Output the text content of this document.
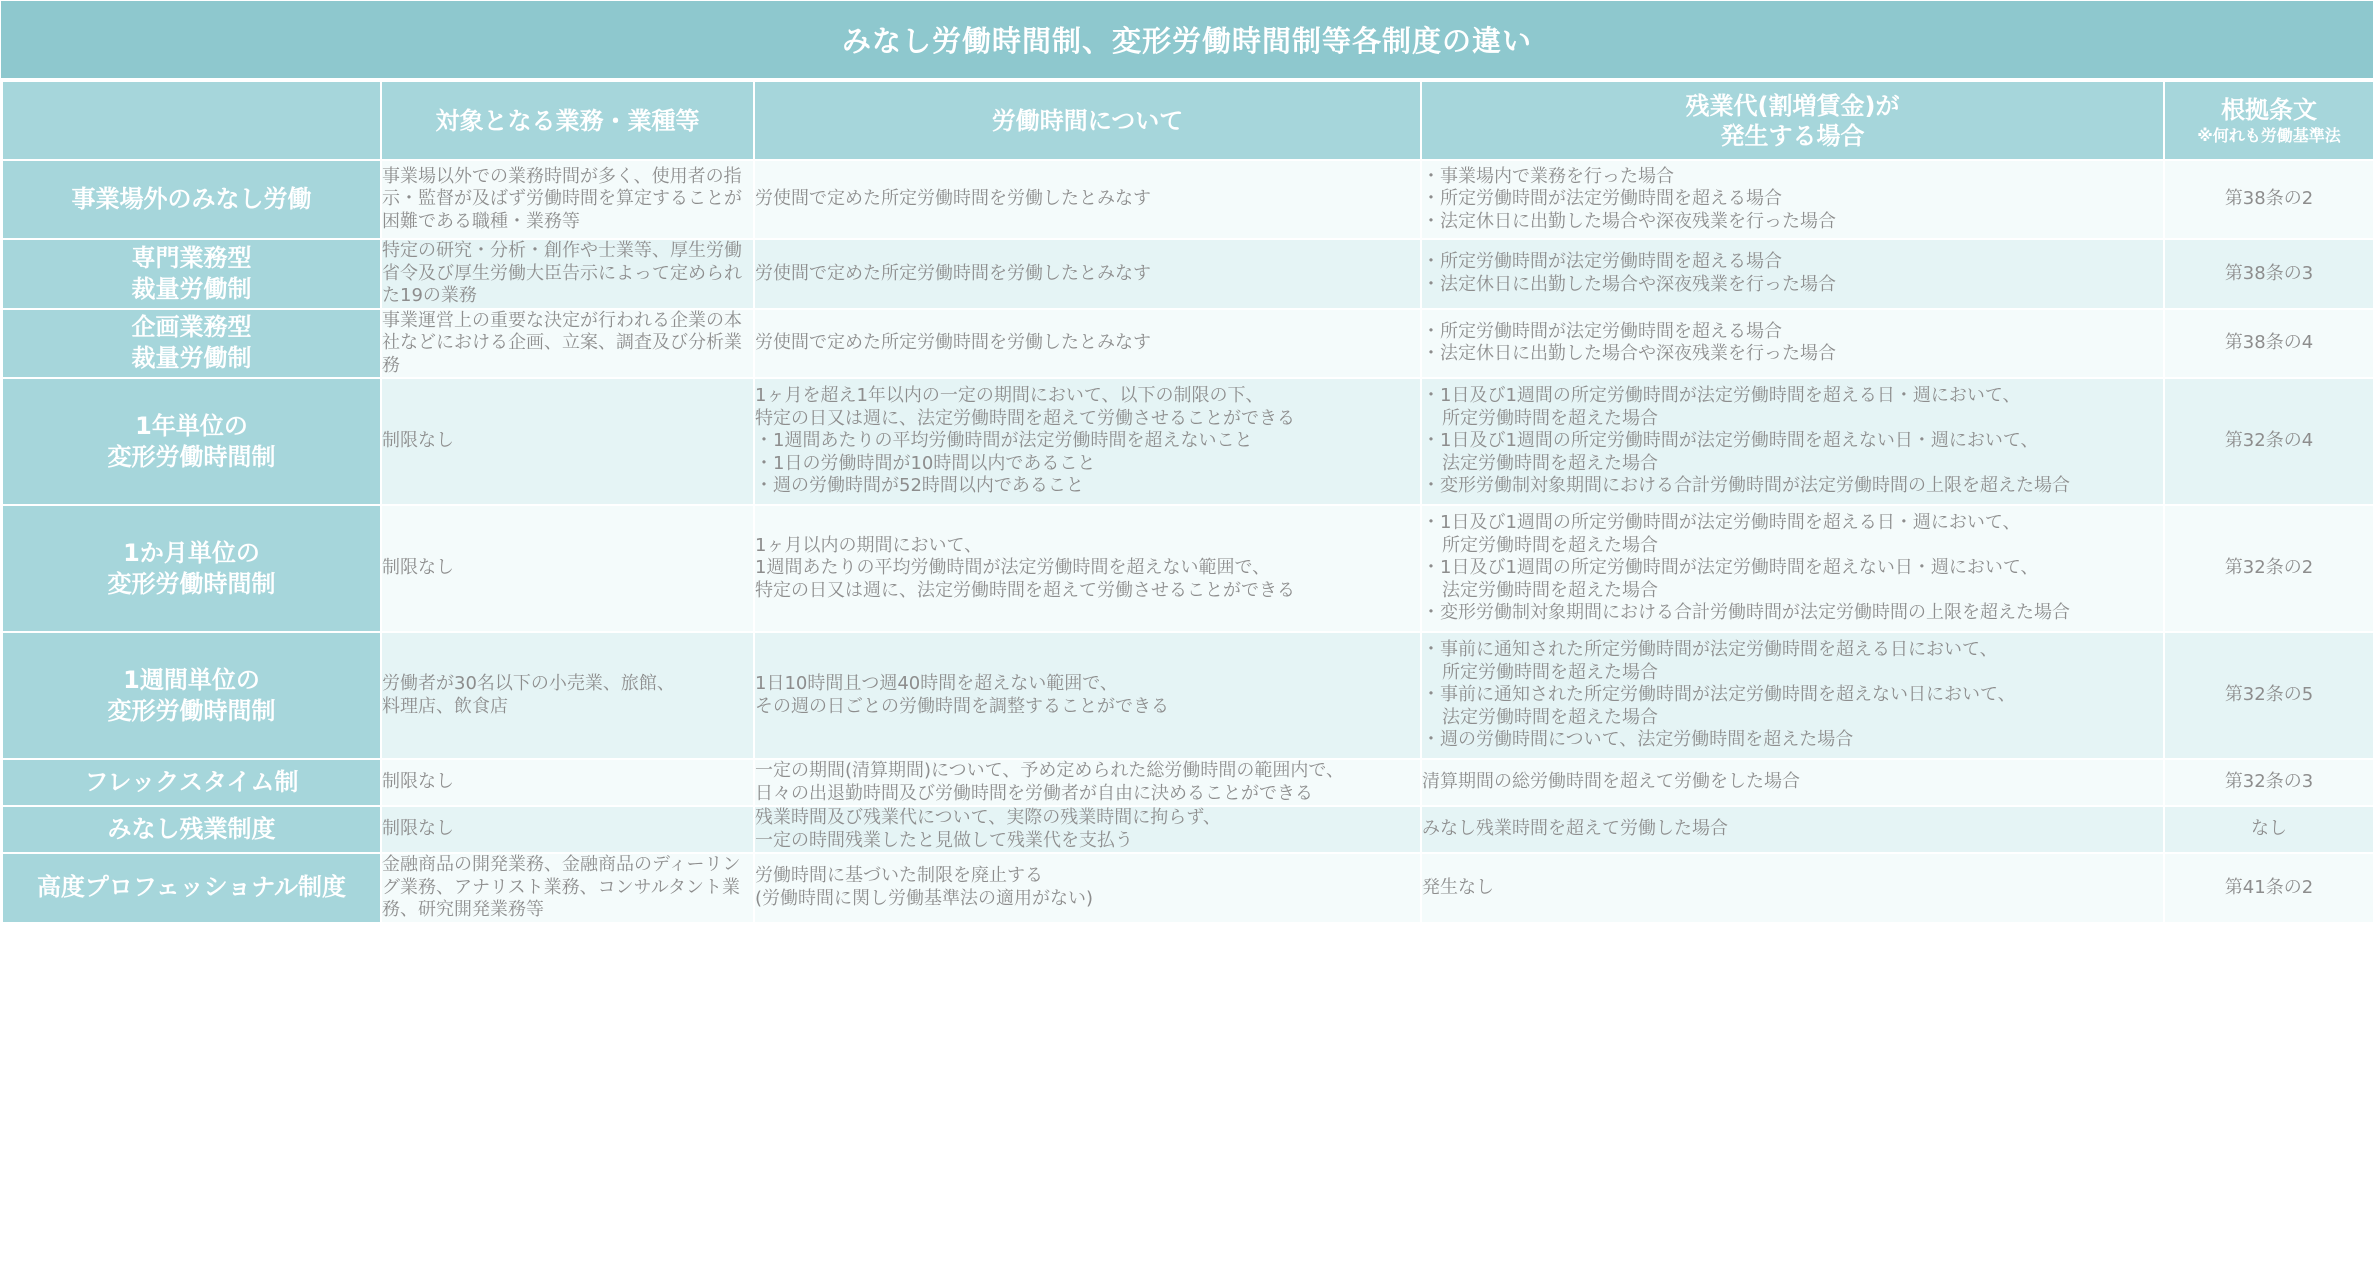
みなし労働時間制、変形労働時間制等各制度の違い
	対象となる業務・業種等	労働時間について	残業代(割増賃金)が
発生する場合	根拠条文
※何れも労働基準法

事業場外のみなし労働	事業場以外での業務時間が多く、使用者の指示・監督が及ばず労働時間を算定することが困難である職種・業務等	労使間で定めた所定労働時間を労働したとみなす	・事業場内で業務を行った場合
・所定労働時間が法定労働時間を超える場合
・法定休日に出勤した場合や深夜残業を行った場合	第38条の2

専門業務型
裁量労働制	特定の研究・分析・創作や士業等、厚生労働省令及び厚生労働大臣告示によって定められた19の業務	労使間で定めた所定労働時間を労働したとみなす	・所定労働時間が法定労働時間を超える場合
・法定休日に出勤した場合や深夜残業を行った場合	第38条の3

企画業務型
裁量労働制	事業運営上の重要な決定が行われる企業の本社などにおける企画、立案、調査及び分析業務	労使間で定めた所定労働時間を労働したとみなす	・所定労働時間が法定労働時間を超える場合
・法定休日に出勤した場合や深夜残業を行った場合	第38条の4

1年単位の
変形労働時間制	制限なし	1ヶ月を超え1年以内の一定の期間において、以下の制限の下、
特定の日又は週に、法定労働時間を超えて労働させることができる
・1週間あたりの平均労働時間が法定労働時間を超えないこと
・1日の労働時間が10時間以内であること
・週の労働時間が52時間以内であること	・1日及び1週間の所定労働時間が法定労働時間を超える日・週において、
所定労働時間を超えた場合
・1日及び1週間の所定労働時間が法定労働時間を超えない日・週において、
法定労働時間を超えた場合
・変形労働制対象期間における合計労働時間が法定労働時間の上限を超えた場合	第32条の4

1か月単位の
変形労働時間制	制限なし	1ヶ月以内の期間において、
1週間あたりの平均労働時間が法定労働時間を超えない範囲で、
特定の日又は週に、法定労働時間を超えて労働させることができる	・1日及び1週間の所定労働時間が法定労働時間を超える日・週において、
所定労働時間を超えた場合
・1日及び1週間の所定労働時間が法定労働時間を超えない日・週において、
法定労働時間を超えた場合
・変形労働制対象期間における合計労働時間が法定労働時間の上限を超えた場合	第32条の2

1週間単位の
変形労働時間制	労働者が30名以下の小売業、旅館、
料理店、飲食店	1日10時間且つ週40時間を超えない範囲で、
その週の日ごとの労働時間を調整することができる	・事前に通知された所定労働時間が法定労働時間を超える日において、
所定労働時間を超えた場合
・事前に通知された所定労働時間が法定労働時間を超えない日において、
法定労働時間を超えた場合
・週の労働時間について、法定労働時間を超えた場合	第32条の5

フレックスタイム制	制限なし	一定の期間(清算期間)について、予め定められた総労働時間の範囲内で、
日々の出退勤時間及び労働時間を労働者が自由に決めることができる	清算期間の総労働時間を超えて労働をした場合	第32条の3

みなし残業制度	制限なし	残業時間及び残業代について、実際の残業時間に拘らず、
一定の時間残業したと見做して残業代を支払う	みなし残業時間を超えて労働した場合	なし

高度プロフェッショナル制度	金融商品の開発業務、金融商品のディーリング業務、アナリスト業務、コンサルタント業務、研究開発業務等	労働時間に基づいた制限を廃止する
(労働時間に関し労働基準法の適用がない)	発生なし	第41条の2
